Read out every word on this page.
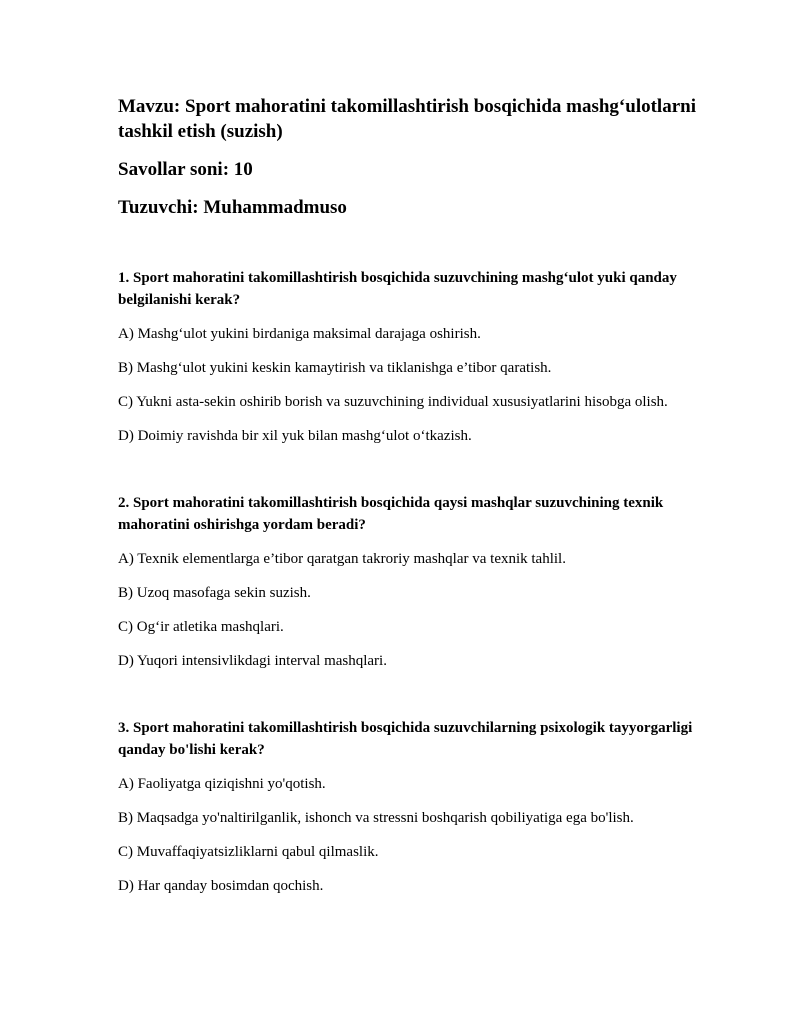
Mavzu: Sport mahoratini takomillashtirish bosqichida mashg‘ulotlarni tashkil etish (suzish)
Savollar soni: 10
Tuzuvchi: Muhammadmuso
1. Sport mahoratini takomillashtirish bosqichida suzuvchining mashg‘ulot yuki qanday belgilanishi kerak?
A) Mashg‘ulot yukini birdaniga maksimal darajaga oshirish.
B) Mashg‘ulot yukini keskin kamaytirish va tiklanishga e’tibor qaratish.
C) Yukni asta-sekin oshirib borish va suzuvchining individual xususiyatlarini hisobga olish.
D) Doimiy ravishda bir xil yuk bilan mashg‘ulot o‘tkazish.
2. Sport mahoratini takomillashtirish bosqichida qaysi mashqlar suzuvchining texnik mahoratini oshirishga yordam beradi?
A) Texnik elementlarga e’tibor qaratgan takroriy mashqlar va texnik tahlil.
B) Uzoq masofaga sekin suzish.
C) Og‘ir atletika mashqlari.
D) Yuqori intensivlikdagi interval mashqlari.
3. Sport mahoratini takomillashtirish bosqichida suzuvchilarning psixologik tayyorgarligi qanday bo'lishi kerak?
A) Faoliyatga qiziqishni yo'qotish.
B) Maqsadga yo'naltirilganlik, ishonch va stressni boshqarish qobiliyatiga ega bo'lish.
C) Muvaffaqiyatsizliklarni qabul qilmaslik.
D) Har qanday bosimdan qochish.
